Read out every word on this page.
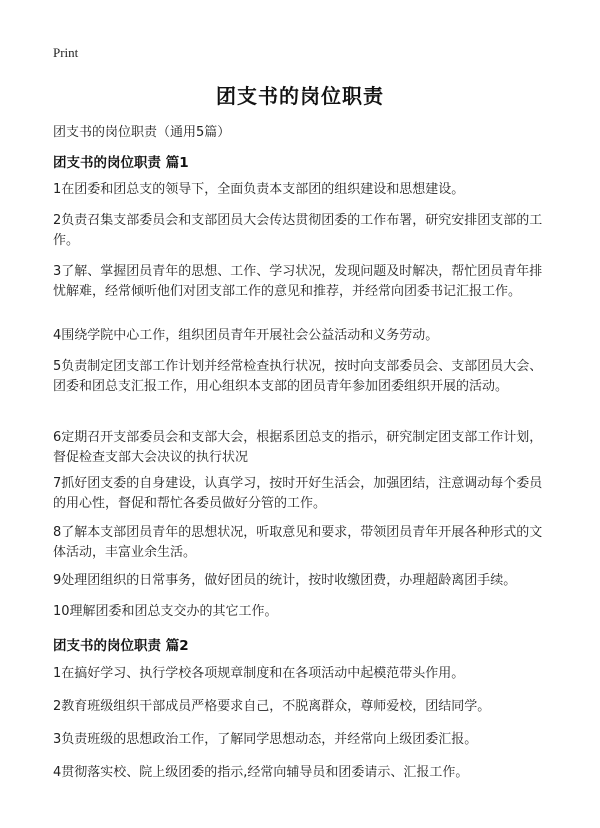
Print
团支书的岗位职责
团支书的岗位职责（通用5篇）
团支书的岗位职责 篇1
1在团委和团总支的领导下，全面负责本支部团的组织建设和思想建设。
2负责召集支部委员会和支部团员大会传达贯彻团委的工作布署，研究安排团支部的工作。
3了解、掌握团员青年的思想、工作、学习状况，发现问题及时解决，帮忙团员青年排忧解难，经常倾听他们对团支部工作的意见和推荐，并经常向团委书记汇报工作。
4围绕学院中心工作，组织团员青年开展社会公益活动和义务劳动。
5负责制定团支部工作计划并经常检查执行状况，按时向支部委员会、支部团员大会、团委和团总支汇报工作，用心组织本支部的团员青年参加团委组织开展的活动。
6定期召开支部委员会和支部大会，根据系团总支的指示，研究制定团支部工作计划，督促检查支部大会决议的执行状况
7抓好团支委的自身建设，认真学习，按时开好生活会，加强团结，注意调动每个委员的用心性，督促和帮忙各委员做好分管的工作。
8了解本支部团员青年的思想状况，听取意见和要求，带领团员青年开展各种形式的文体活动，丰富业余生活。
9处理团组织的日常事务，做好团员的统计，按时收缴团费，办理超龄离团手续。
10理解团委和团总支交办的其它工作。
团支书的岗位职责 篇2
1在搞好学习、执行学校各项规章制度和在各项活动中起模范带头作用。
2教育班级组织干部成员严格要求自己，不脱离群众，尊师爱校，团结同学。
3负责班级的思想政治工作，了解同学思想动态，并经常向上级团委汇报。
4贯彻落实校、院上级团委的指示,经常向辅导员和团委请示、汇报工作。
